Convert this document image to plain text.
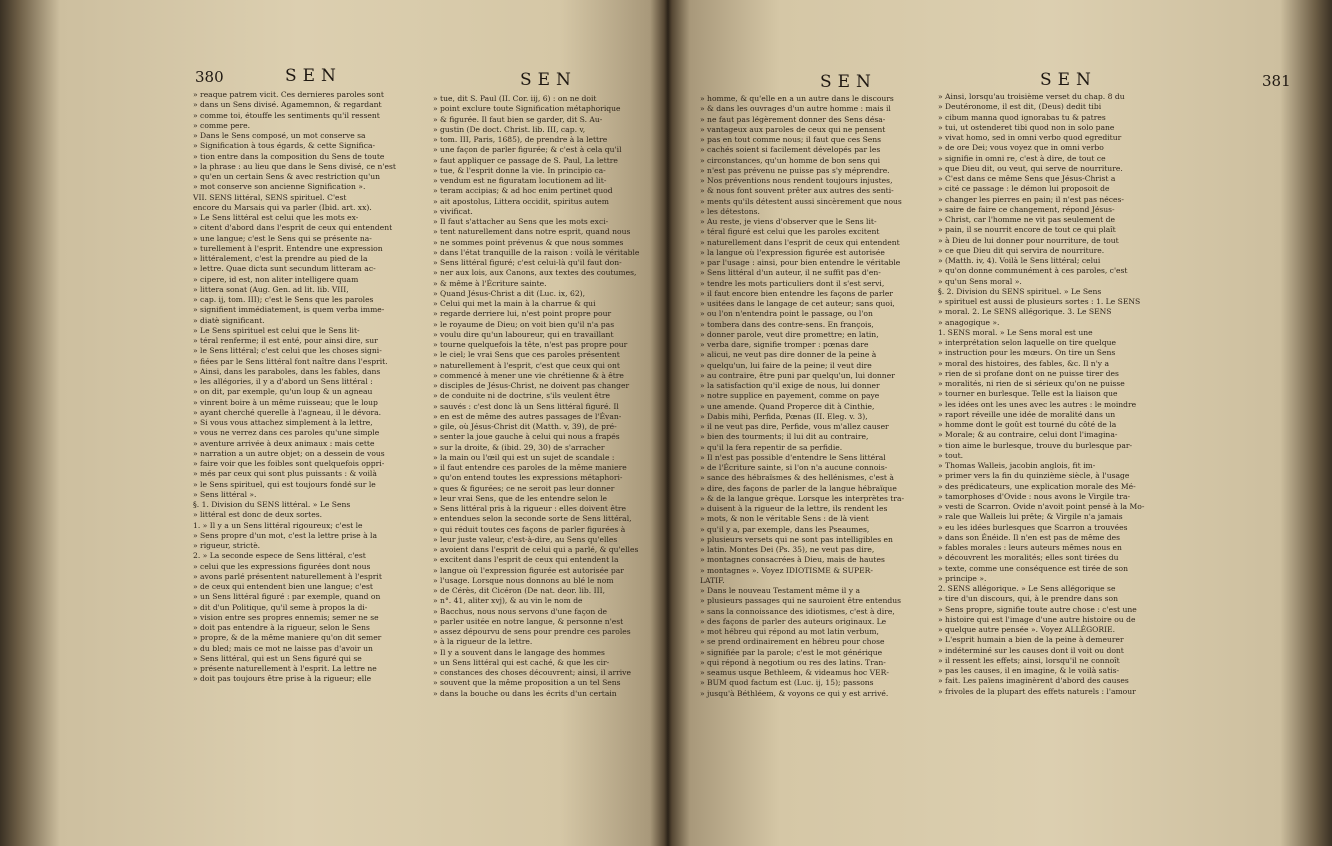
380	SEN	SEN

» reaque patrem vicit. Ces dernieres paroles sont
» dans un Sens divisé. Agamemnon, & regardant
» comme toi, étouffe les sentiments qu'il ressent
» comme pere.
» Dans le Sens composé, un mot conserve sa
» Signification à tous égards, & cette Significa-
» tion entre dans la composition du Sens de toute
» la phrase : au lieu que dans le Sens divisé, ce n'est
» qu'en un certain Sens & avec restriction qu'un
» mot conserve son ancienne Signification ».
VII. SENS littéral, SENS spirituel. C'est
encore du Marsais qui va parler (Ibid. art. xx).
» Le Sens littéral est celui que les mots ex-
» citent d'abord dans l'esprit de ceux qui entendent
» une langue; c'est le Sens qui se présente na-
» turellement à l'esprit. Entendre une expression
» littéralement, c'est la prendre au pied de la
» lettre. Quae dicta sunt secundum litteram ac-
» cipere, id est, non aliter intelligere quam
» littera sonat (Aug. Gen. ad lit. lib. VIII,
» cap. ij, tom. III); c'est le Sens que les paroles
» signifient immédiatement, is quem verba imme-
» diatè significant.
» Le Sens spirituel est celui que le Sens lit-
» téral renferme; il est enté, pour ainsi dire, sur
» le Sens littéral; c'est celui que les choses signi-
» fiées par le Sens littéral font naître dans l'esprit.
» Ainsi, dans les paraboles, dans les fables, dans
» les allégories, il y a d'abord un Sens littéral :
» on dit, par exemple, qu'un loup & un agneau
» vinrent boire à un même ruisseau; que le loup
» ayant cherché querelle à l'agneau, il le dévora.
» Si vous vous attachez simplement à la lettre,
» vous ne verrez dans ces paroles qu'une simple
» aventure arrivée à deux animaux : mais cette
» narration a un autre objet; on a dessein de vous
» faire voir que les foibles sont quelquefois oppri-
» més par ceux qui sont plus puissants : & voilà
» le Sens spirituel, qui est toujours fondé sur le
» Sens littéral ».
§. 1. Division du SENS littéral. » Le Sens
» littéral est donc de deux sortes.
1. » Il y a un Sens littéral rigoureux; c'est le
» Sens propre d'un mot, c'est la lettre prise à la
» rigueur, strictè.
2. » La seconde espece de Sens littéral, c'est
» celui que les expressions figurées dont nous
» avons parlé présentent naturellement à l'esprit
» de ceux qui entendent bien une langue; c'est
» un Sens littéral figuré : par exemple, quand on
» dit d'un Politique, qu'il seme à propos la di-
» vision entre ses propres ennemis; semer ne se
» doit pas entendre à la rigueur, selon le Sens
» propre, & de la même maniere qu'on dit semer
» du bled; mais ce mot ne laisse pas d'avoir un
» Sens littéral, qui est un Sens figuré qui se
» présente naturellement à l'esprit. La lettre ne
» doit pas toujours être prise à la rigueur; elle

» tue, dit S. Paul (II. Cor. iij, 6) : on ne doit
» point exclure toute Signification métaphorique
» & figurée. Il faut bien se garder, dit S. Au-
» gustin (De doct. Christ. lib. III, cap. v,
» tom. III, Paris, 1685), de prendre à la lettre
» une façon de parler figurée; & c'est à cela qu'il
» faut appliquer ce passage de S. Paul, La lettre
» tue, & l'esprit donne la vie. In principio ca-
» vendum est ne figuratam locutionem ad lit-
» teram accipias; & ad hoc enim pertinet quod
» ait apostolus, Littera occidit, spiritus autem
» vivificat.
» Il faut s'attacher au Sens que les mots exci-
» tent naturellement dans notre esprit, quand nous
» ne sommes point prévenus & que nous sommes
» dans l'état tranquille de la raison : voilà le véritable
» Sens littéral figuré; c'est celui-là qu'il faut don-
» ner aux lois, aux Canons, aux textes des coutumes,
» & même à l'Écriture sainte.
» Quand Jésus-Christ a dit (Luc. ix, 62),
» Celui qui met la main à la charrue & qui
» regarde derriere lui, n'est point propre pour
» le royaume de Dieu; on voit bien qu'il n'a pas
» voulu dire qu'un laboureur, qui en travaillant
» tourne quelquefois la tête, n'est pas propre pour
» le ciel; le vrai Sens que ces paroles présentent
» naturellement à l'esprit, c'est que ceux qui ont
» commencé à mener une vie chrétienne & à être
» disciples de Jésus-Christ, ne doivent pas changer
» de conduite ni de doctrine, s'ils veulent être
» sauvés : c'est donc là un Sens littéral figuré. Il
» en est de même des autres passages de l'Évan-
» gile, où Jésus-Christ dit (Matth. v, 39), de pré-
» senter la joue gauche à celui qui nous a frapés
» sur la droite, & (ibid. 29, 30) de s'arracher
» la main ou l'œil qui est un sujet de scandale :
» il faut entendre ces paroles de la même maniere
» qu'on entend toutes les expressions métaphori-
» ques & figurées; ce ne seroit pas leur donner
» leur vrai Sens, que de les entendre selon le
» Sens littéral pris à la rigueur : elles doivent être
» entendues selon la seconde sorte de Sens littéral,
» qui réduit toutes ces façons de parler figurées à
» leur juste valeur, c'est-à-dire, au Sens qu'elles
» avoient dans l'esprit de celui qui a parlé, & qu'elles
» excitent dans l'esprit de ceux qui entendent la
» langue où l'expression figurée est autorisée par
» l'usage. Lorsque nous donnons au blé le nom
» de Cérès, dit Cicéron (De nat. deor. lib. III,
» n°. 41, aliter xvj), & au vin le nom de
» Bacchus, nous nous servons d'une façon de
» parler usitée en notre langue, & personne n'est
» assez dépourvu de sens pour prendre ces paroles
» à la rigueur de la lettre.
» Il y a souvent dans le langage des hommes
» un Sens littéral qui est caché, & que les cir-
» constances des choses découvrent; ainsi, il arrive
» souvent que la même proposition a un tel Sens
» dans la bouche ou dans les écrits d'un certain

SEN	SEN

» homme, & qu'elle en a un autre dans le discours
» & dans les ouvrages d'un autre homme : mais il
» ne faut pas légèrement donner des Sens désa-
» vantageux aux paroles de ceux qui ne pensent
» pas en tout comme nous; il faut que ces Sens
» cachés soient si facilement dévelopés par les
» circonstances, qu'un homme de bon sens qui
» n'est pas prévenu ne puisse pas s'y méprendre.
» Nos préventions nous rendent toujours injustes,
» & nous font souvent prêter aux autres des senti-
» ments qu'ils détestent aussi sincèrement que nous
» les détestons.
» Au reste, je viens d'observer que le Sens lit-
» téral figuré est celui que les paroles excitent
» naturellement dans l'esprit de ceux qui entendent
» la langue où l'expression figurée est autorisée
» par l'usage : ainsi, pour bien entendre le véritable
» Sens littéral d'un auteur, il ne suffit pas d'en-
» tendre les mots particuliers dont il s'est servi,
» il faut encore bien entendre les façons de parler
» usitées dans le langage de cet auteur; sans quoi,
» ou l'on n'entendra point le passage, ou l'on
» tombera dans des contre-sens. En françois,
» donner parole, veut dire promettre; en latin,
» verba dare, signifie tromper : pœnas dare
» alicui, ne veut pas dire donner de la peine à
» quelqu'un, lui faire de la peine; il veut dire
» au contraire, être puni par quelqu'un, lui donner
» la satisfaction qu'il exige de nous, lui donner
» notre supplice en payement, comme on paye
» une amende. Quand Properce dit à Cinthie,
» Dabis mihi, Perfida, Pœnas (II. Eleg. v. 3),
» il ne veut pas dire, Perfide, vous m'allez causer
» bien des tourments; il lui dit au contraire,
» qu'il la fera repentir de sa perfidie.
» Il n'est pas possible d'entendre le Sens littéral
» de l'Écriture sainte, si l'on n'a aucune connois-
» sance des hébraïsmes & des hellénismes, c'est à
» dire, des façons de parler de la langue hébraïque
» & de la langue grèque. Lorsque les interprètes tra-
» duisent à la rigueur de la lettre, ils rendent les
» mots, & non le véritable Sens : de là vient
» qu'il y a, par exemple, dans les Pseaumes,
» plusieurs versets qui ne sont pas intelligibles en
» latin. Montes Dei (Ps. 35), ne veut pas dire,
» montagnes consacrées à Dieu, mais de hautes
» montagnes ». Voyez IDIOTISME & SUPER-
LATIF.
» Dans le nouveau Testament même il y a
» plusieurs passages qui ne sauroient être entendus
» sans la connoissance des idiotismes, c'est à dire,
» des façons de parler des auteurs originaux. Le
» mot hébreu qui répond au mot latin verbum,
» se prend ordinairement en hébreu pour chose
» signifiée par la parole; c'est le mot générique
» qui répond à negotium ou res des latins. Tran-
» seamus usque Bethleem, & videamus hoc VER-
» BUM quod factum est (Luc. ij, 15); passons
» jusqu'à Béthléem, & voyons ce qui y est arrivé.

» Ainsi, lorsqu'au troisième verset du chap. 8 du
» Deutéronome, il est dit, (Deus) dedit tibi
» cibum manna quod ignorabas tu & patres
» tui, ut ostenderet tibi quod non in solo pane
» vivat homo, sed in omni verbo quod egreditur
» de ore Dei; vous voyez que in omni verbo
» signifie in omni re, c'est à dire, de tout ce
» que Dieu dit, ou veut, qui serve de nourriture.
» C'est dans ce même Sens que Jésus-Christ a
» cité ce passage : le démon lui proposoit de
» changer les pierres en pain; il n'est pas néces-
» saire de faire ce changement, répond Jésus-
» Christ, car l'homme ne vit pas seulement de
» pain, il se nourrit encore de tout ce qui plaît
» à Dieu de lui donner pour nourriture, de tout
» ce que Dieu dit qui servira de nourriture.
» (Matth. iv, 4). Voilà le Sens littéral; celui
» qu'on donne communément à ces paroles, c'est
» qu'un Sens moral ».
§. 2. Division du SENS spirituel. » Le Sens
» spirituel est aussi de plusieurs sortes : 1. Le SENS
» moral. 2. Le SENS allégorique. 3. Le SENS
» anagogique ».
1. SENS moral. » Le Sens moral est une
» interprétation selon laquelle on tire quelque
» instruction pour les mœurs. On tire un Sens
» moral des histoires, des fables, &c. Il n'y a
» rien de si profane dont on ne puisse tirer des
» moralités, ni rien de si sérieux qu'on ne puisse
» tourner en burlesque. Telle est la liaison que
» les idées ont les unes avec les autres : le moindre
» raport réveille une idée de moralité dans un
» homme dont le goût est tourné du côté de la
» Morale; & au contraire, celui dont l'imagina-
» tion aime le burlesque, trouve du burlesque par-
» tout.
» Thomas Walleis, jacobin anglois, fit im-
» primer vers la fin du quinzième siècle, à l'usage
» des prédicateurs, une explication morale des Mé-
» tamorphoses d'Ovide : nous avons le Virgile tra-
» vesti de Scarron. Ovide n'avoit point pensé à la Mo-
» rale que Walleis lui prête; & Virgile n'a jamais
» eu les idées burlesques que Scarron a trouvées
» dans son Énéide. Il n'en est pas de même des
» fables morales : leurs auteurs mêmes nous en
» découvrent les moralités; elles sont tirées du
» texte, comme une conséquence est tirée de son
» principe ».
2. SENS allégorique. » Le Sens allégorique se
» tire d'un discours, qui, à le prendre dans son
» Sens propre, signifie toute autre chose : c'est une
» histoire qui est l'image d'une autre histoire ou de
» quelque autre pensée ». Voyez ALLÉGORIE.
» L'esprit humain a bien de la peine à demeurer
» indéterminé sur les causes dont il voit ou dont
» il ressent les effets; ainsi, lorsqu'il ne connoît
» pas les causes, il en imagine, & le voilà satis-
» fait. Les païens imaginèrent d'abord des causes
» frivoles de la plupart des effets naturels : l'amour

381
